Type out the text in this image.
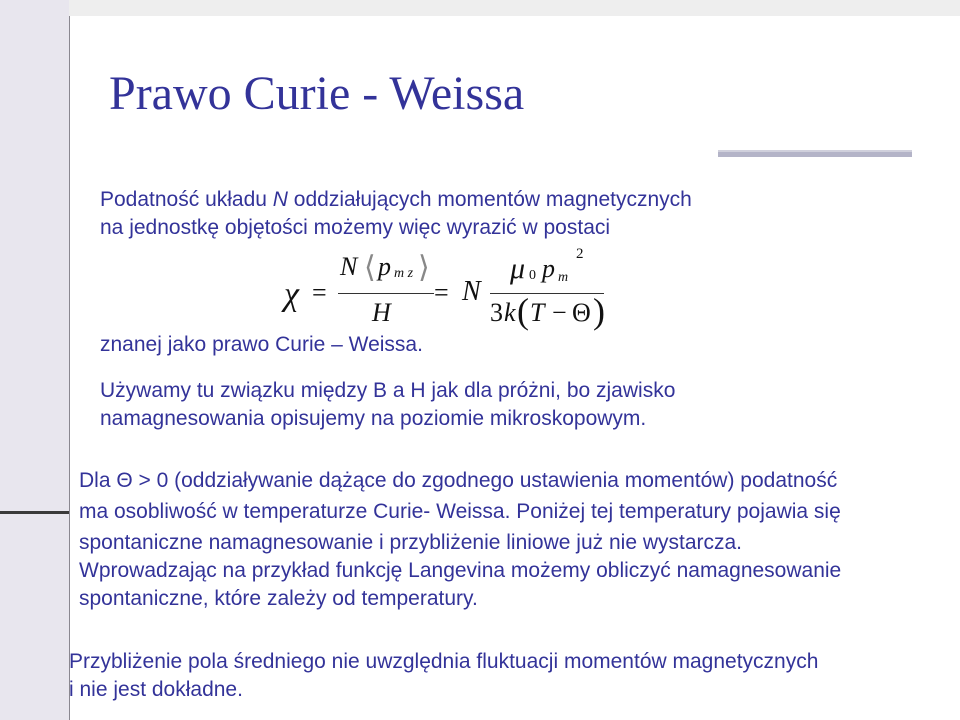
Prawo Curie - Weissa
Podatność układu N oddziałujących momentów magnetycznych
na jednostkę objętości możemy więc wyrazić w postaci
χ =
N ⟨ p m z ⟩
H
= N
μ 0 p m
2
3 k ( T − Θ )
znanej jako prawo Curie – Weissa.
Używamy tu związku między B a H jak dla próżni, bo zjawisko
namagnesowania opisujemy na poziomie mikroskopowym.
Dla Θ > 0 (oddziaływanie dążące do zgodnego ustawienia momentów) podatność
ma osobliwość w temperaturze Curie- Weissa. Poniżej tej temperatury pojawia się
spontaniczne namagnesowanie i przybliżenie liniowe już nie wystarcza.
Wprowadzając na przykład funkcję Langevina możemy obliczyć namagnesowanie
spontaniczne, które zależy od temperatury.
Przybliżenie pola średniego nie uwzględnia fluktuacji momentów magnetycznych
i nie jest dokładne.
